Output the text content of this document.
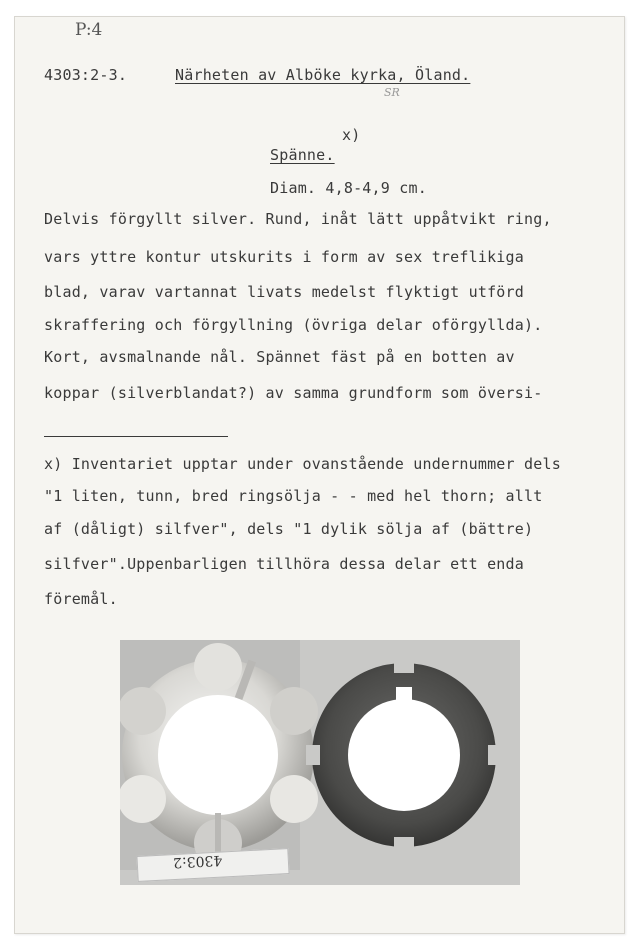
P:4
4303:2-3.	Närheten av Alböke kyrka, Öland.
SR
x)
Spänne.
Diam. 4,8-4,9 cm.
Delvis förgyllt silver. Rund, inåt lätt uppåtvikt ring,
vars yttre kontur utskurits i form av sex treflikiga
blad, varav vartannat livats medelst flyktigt utförd
skraffering och förgyllning (övriga delar oförgyllda).
Kort, avsmalnande nål. Spännet fäst på en botten av
koppar (silverblandat?) av samma grundform som översi-
x) Inventariet upptar under ovanstående undernummer dels
"1 liten, tunn, bred ringsölja - - med hel thorn; allt
af (dåligt) silfver", dels "1 dylik sölja af (bättre)
silfver".Uppenbarligen tillhöra dessa delar ett enda
föremål.
4303:2
